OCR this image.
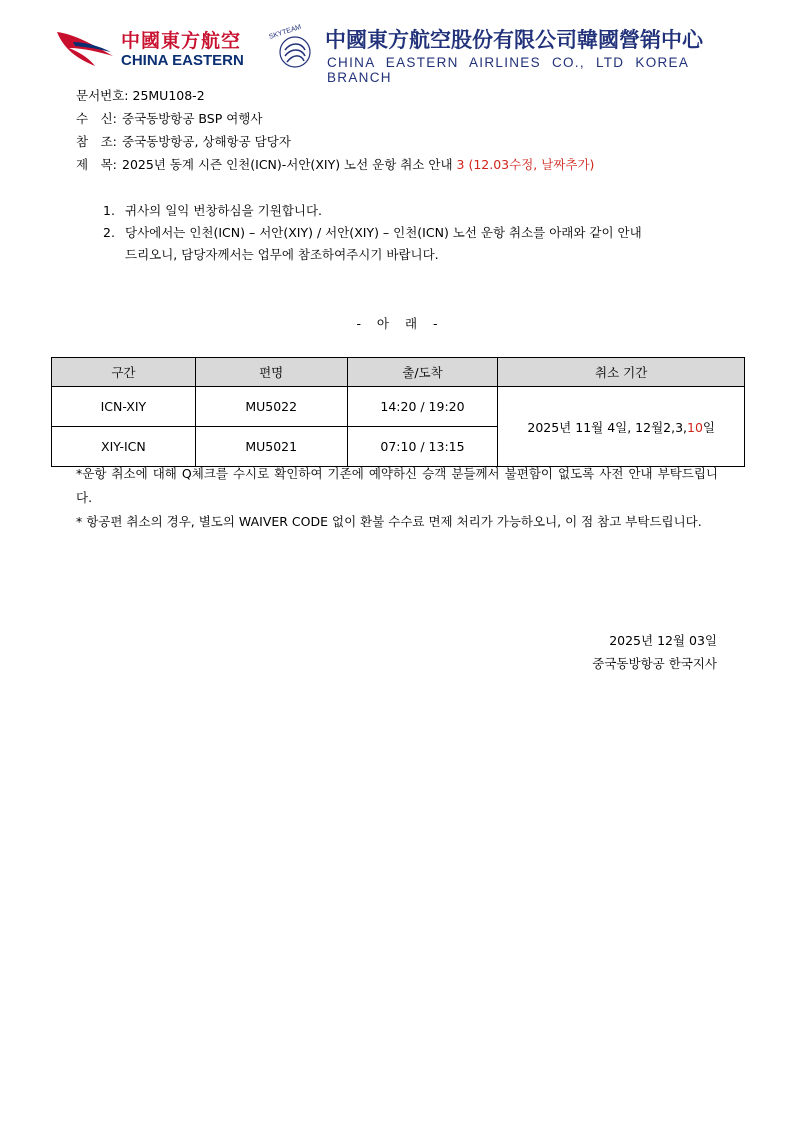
中國東方航空
CHINA EASTERN
SKYTEAM 中國東方航空股份有限公司韓國營销中心
CHINA EASTERN AIRLINES CO., LTD KOREA BRANCH
문서번호: 25MU108-2
수　신: 중국동방항공 BSP 여행사
참　조: 중국동방항공, 상해항공 담당자
제　목: 2025년 동계 시즌 인천(ICN)-서안(XIY) 노선 운항 취소 안내 3 (12.03수정, 날짜추가)
1. 귀사의 일익 번창하심을 기원합니다.
2. 당사에서는 인천(ICN) – 서안(XIY) / 서안(XIY) – 인천(ICN) 노선 운항 취소를 아래와 같이 안내
드리오니, 담당자께서는 업무에 참조하여주시기 바랍니다.
- 아 래 -
구간	편명	출/도착	취소 기간
ICN-XIY	MU5022	14:20 / 19:20	2025년 11월 4일, 12월2,3,10일
XIY-ICN	MU5021	07:10 / 13:15	
*운항 취소에 대해 Q체크를 수시로 확인하여 기존에 예약하신 승객 분들께서 불편함이 없도록 사전 안내 부탁드립니다.
* 항공편 취소의 경우, 별도의 WAIVER CODE 없이 환불 수수료 면제 처리가 가능하오니, 이 점 참고 부탁드립니다.
2025년 12월 03일
중국동방항공 한국지사
